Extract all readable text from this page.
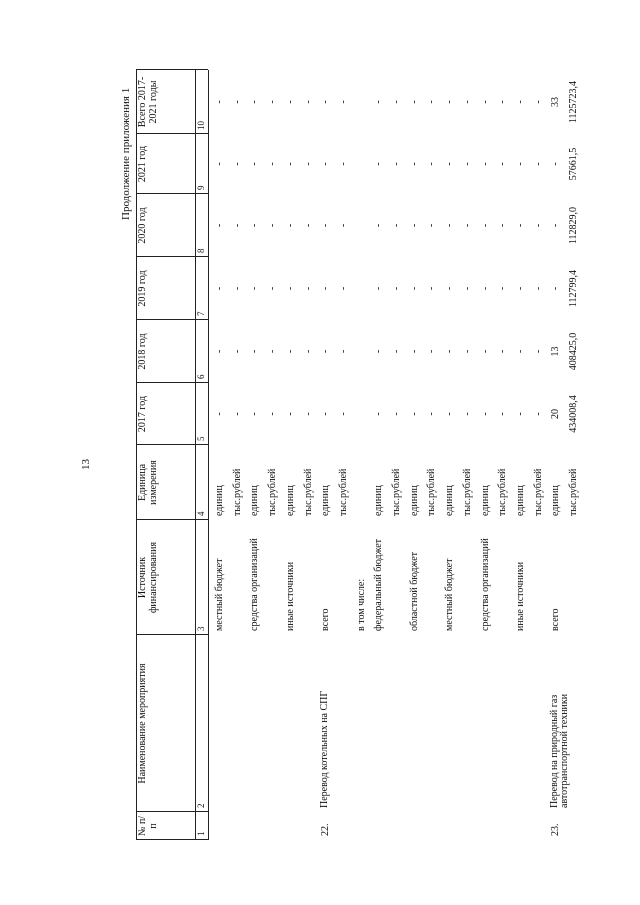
13
Продолжение приложения 1
№ п/п
Наименование мероприятия
Источник финансирования
Единица измерения
2017 год
2018 год
2019 год
2020 год
2021 год
Всего 2017-2021 годы
1
2
3
4
5
6
7
8
9
10
местный бюджет
единиц
-
-
-
-
-
-
тыс.рублей
-
-
-
-
-
-
средства организаций
единиц
-
-
-
-
-
-
тыс.рублей
-
-
-
-
-
-
иные источники
единиц
-
-
-
-
-
-
тыс.рублей
-
-
-
-
-
-
22.
Перевод котельных на СПГ
всего
единиц
-
-
-
-
-
-
тыс.рублей
-
-
-
-
-
-
в том числе: федеральный бюджет
единиц
-
-
-
-
-
-
тыс.рублей
-
-
-
-
-
-
областной бюджет
единиц
-
-
-
-
-
-
тыс.рублей
-
-
-
-
-
-
местный бюджет
единиц
-
-
-
-
-
-
тыс.рублей
-
-
-
-
-
-
средства организаций
единиц
-
-
-
-
-
-
тыс.рублей
-
-
-
-
-
-
иные источники
единиц
-
-
-
-
-
-
тыс.рублей
-
-
-
-
-
-
23.
Перевод на природный газ автотранспортной техники
всего
единиц
20
13
-
-
-
33
тыс.рублей
434008,4
408425,0
112799,4
112829,0
57661,5
1125723,4
